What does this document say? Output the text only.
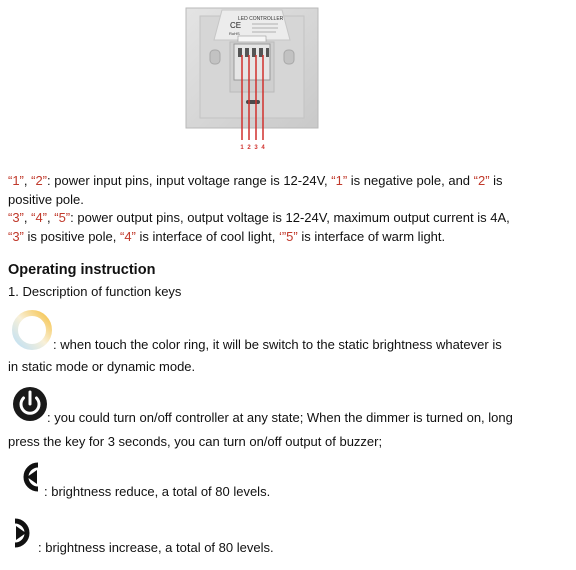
LED CONTROLLER
CE
RoHS
1 2 3 4
“1”, “2”: power input pins, input voltage range is 12-24V, “1” is negative pole, and “2” is
positive pole.
“3”, “4”, “5”: power output pins, output voltage is 12-24V, maximum output current is 4A,
“3” is positive pole, “4” is interface of cool light, ‘”5” is interface of warm light.
Operating instruction
1. Description of function keys
: when touch the color ring, it will be switch to the static brightness whatever is
in static mode or dynamic mode.
: you could turn on/off controller at any state; When the dimmer is turned on, long
press the key for 3 seconds, you can turn on/off output of buzzer;
: brightness reduce, a total of 80 levels.
: brightness increase, a total of 80 levels.
